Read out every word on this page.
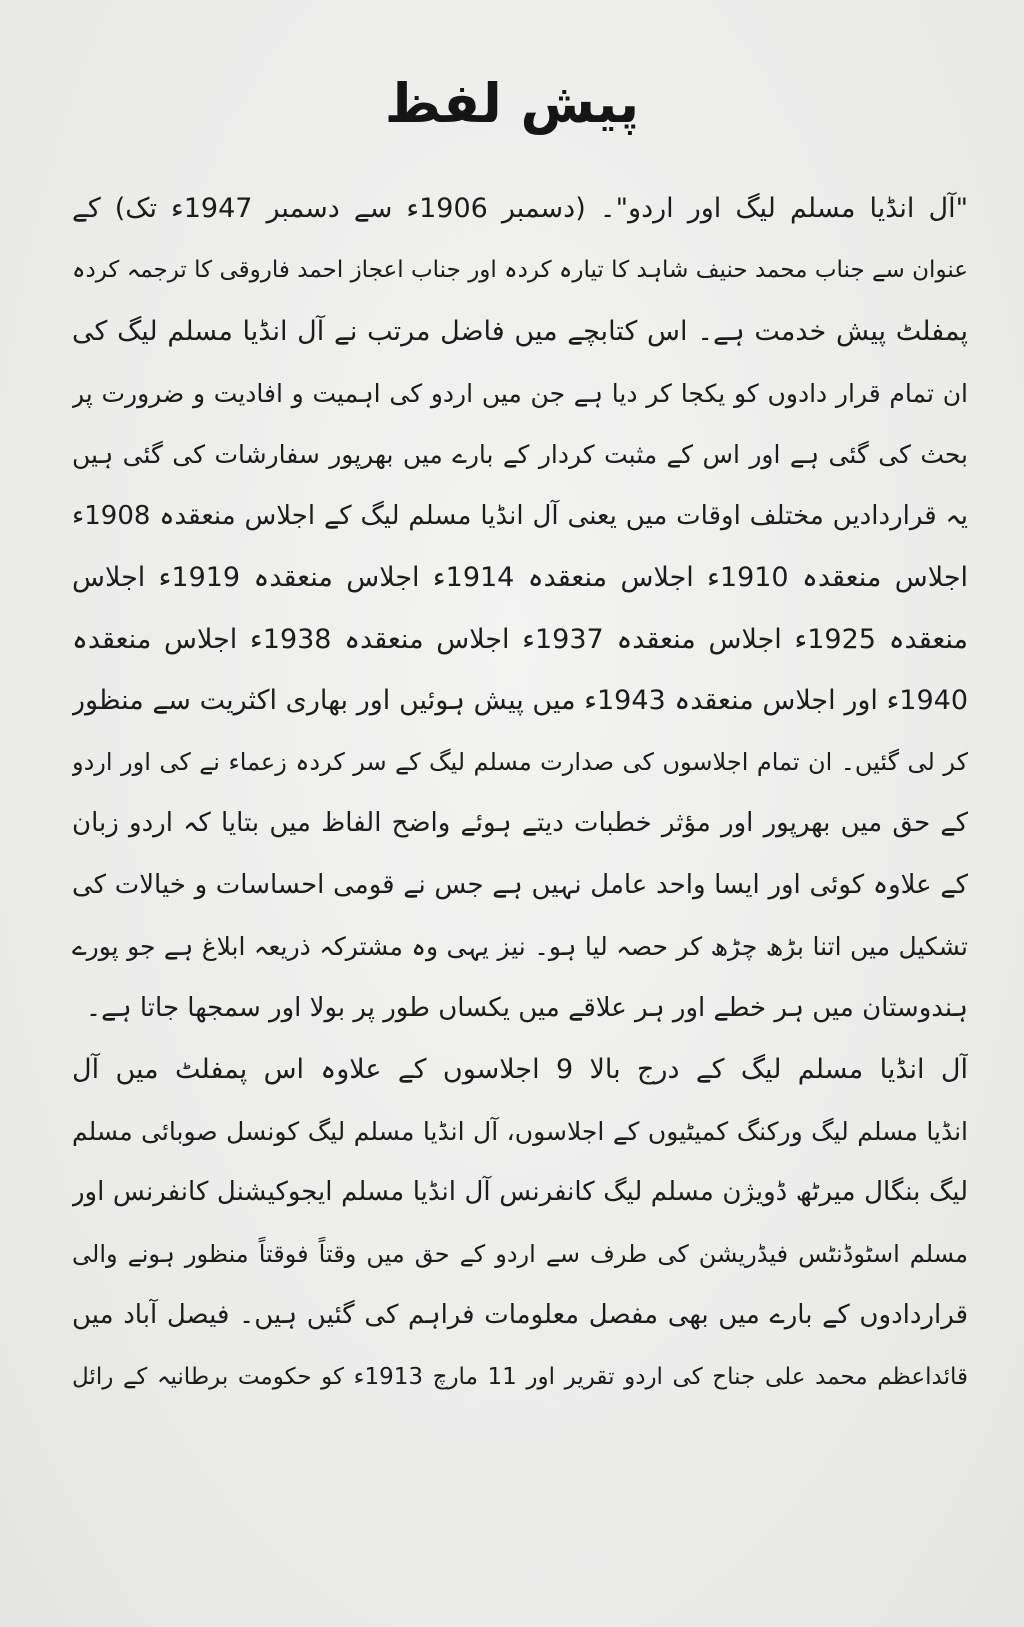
پیش لفظ
"آل انڈیا مسلم لیگ اور اردو"۔ (دسمبر 1906ء سے دسمبر 1947ء تک) کے
عنوان سے جناب محمد حنیف شاہد کا تیارہ کردہ اور جناب اعجاز احمد فاروقی کا ترجمہ کردہ
پمفلٹ پیش خدمت ہے۔ اس کتابچے میں فاضل مرتب نے آل انڈیا مسلم لیگ کی
ان تمام قرار دادوں کو یکجا کر دیا ہے جن میں اردو کی اہمیت و افادیت و ضرورت پر
بحث کی گئی ہے اور اس کے مثبت کردار کے بارے میں بھرپور سفارشات کی گئی ہیں
یہ قراردادیں مختلف اوقات میں یعنی آل انڈیا مسلم لیگ کے اجلاس منعقدہ 1908ء
اجلاس منعقدہ 1910ء اجلاس منعقدہ 1914ء اجلاس منعقدہ 1919ء اجلاس
منعقدہ 1925ء اجلاس منعقدہ 1937ء اجلاس منعقدہ 1938ء اجلاس منعقدہ
1940ء اور اجلاس منعقدہ 1943ء میں پیش ہوئیں اور بھاری اکثریت سے منظور
کر لی گئیں۔ ان تمام اجلاسوں کی صدارت مسلم لیگ کے سر کردہ زعماء نے کی اور اردو
کے حق میں بھرپور اور مؤثر خطبات دیتے ہوئے واضح الفاظ میں بتایا کہ اردو زبان
کے علاوہ کوئی اور ایسا واحد عامل نہیں ہے جس نے قومی احساسات و خیالات کی
تشکیل میں اتنا بڑھ چڑھ کر حصہ لیا ہو۔ نیز یہی وہ مشترکہ ذریعہ ابلاغ ہے جو پورے
ہندوستان میں ہر خطے اور ہر علاقے میں یکساں طور پر بولا اور سمجھا جاتا ہے۔
آل انڈیا مسلم لیگ کے درج بالا 9 اجلاسوں کے علاوہ اس پمفلٹ میں آل
انڈیا مسلم لیگ ورکنگ کمیٹیوں کے اجلاسوں، آل انڈیا مسلم لیگ کونسل صوبائی مسلم
لیگ بنگال میرٹھ ڈویژن مسلم لیگ کانفرنس آل انڈیا مسلم ایجوکیشنل کانفرنس اور
مسلم اسٹوڈنٹس فیڈریشن کی طرف سے اردو کے حق میں وقتاً فوقتاً منظور ہونے والی
قراردادوں کے بارے میں بھی مفصل معلومات فراہم کی گئیں ہیں۔ فیصل آباد میں
قائداعظم محمد علی جناح کی اردو تقریر اور 11 مارچ 1913ء کو حکومت برطانیہ کے رائل
